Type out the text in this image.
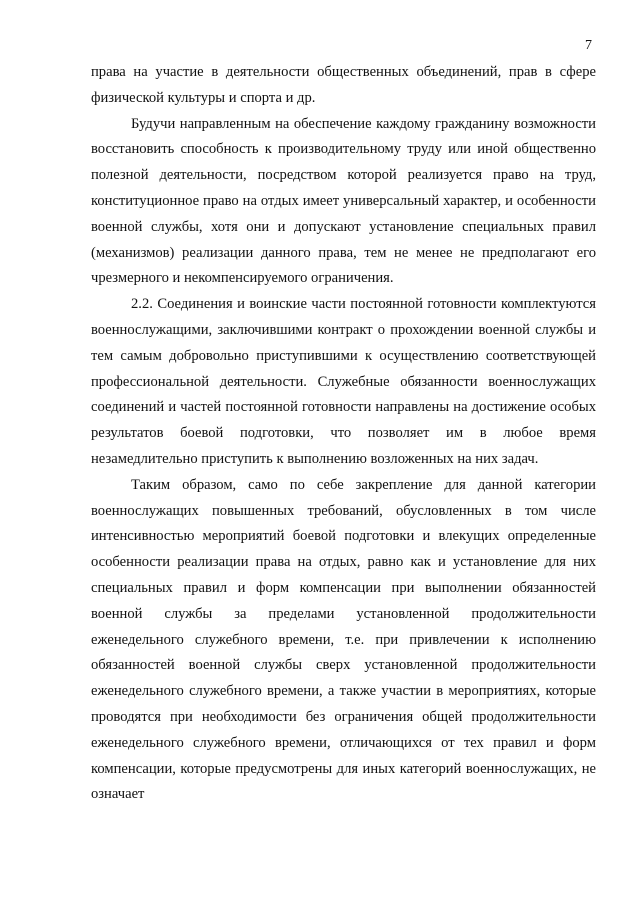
7

права на участие в деятельности общественных объединений, прав в сфере физической культуры и спорта и др.

Будучи направленным на обеспечение каждому гражданину возможности восстановить способность к производительному труду или иной общественно полезной деятельности, посредством которой реализуется право на труд, конституционное право на отдых имеет универсальный характер, и особенности военной службы, хотя они и допускают установление специальных правил (механизмов) реализации данного права, тем не менее не предполагают его чрезмерного и некомпенсируемого ограничения.

2.2. Соединения и воинские части постоянной готовности комплектуются военнослужащими, заключившими контракт о прохождении военной службы и тем самым добровольно приступившими к осуществлению соответствующей профессиональной деятельности. Служебные обязанности военнослужащих соединений и частей постоянной готовности направлены на достижение особых результатов боевой подготовки, что позволяет им в любое время незамедлительно приступить к выполнению возложенных на них задач.

Таким образом, само по себе закрепление для данной категории военнослужащих повышенных требований, обусловленных в том числе интенсивностью мероприятий боевой подготовки и влекущих определенные особенности реализации права на отдых, равно как и установление для них специальных правил и форм компенсации при выполнении обязанностей военной службы за пределами установленной продолжительности еженедельного служебного времени, т.е. при привлечении к исполнению обязанностей военной службы сверх установленной продолжительности еженедельного служебного времени, а также участии в мероприятиях, которые проводятся при необходимости без ограничения общей продолжительности еженедельного служебного времени, отличающихся от тех правил и форм компенсации, которые предусмотрены для иных категорий военнослужащих, не означает
